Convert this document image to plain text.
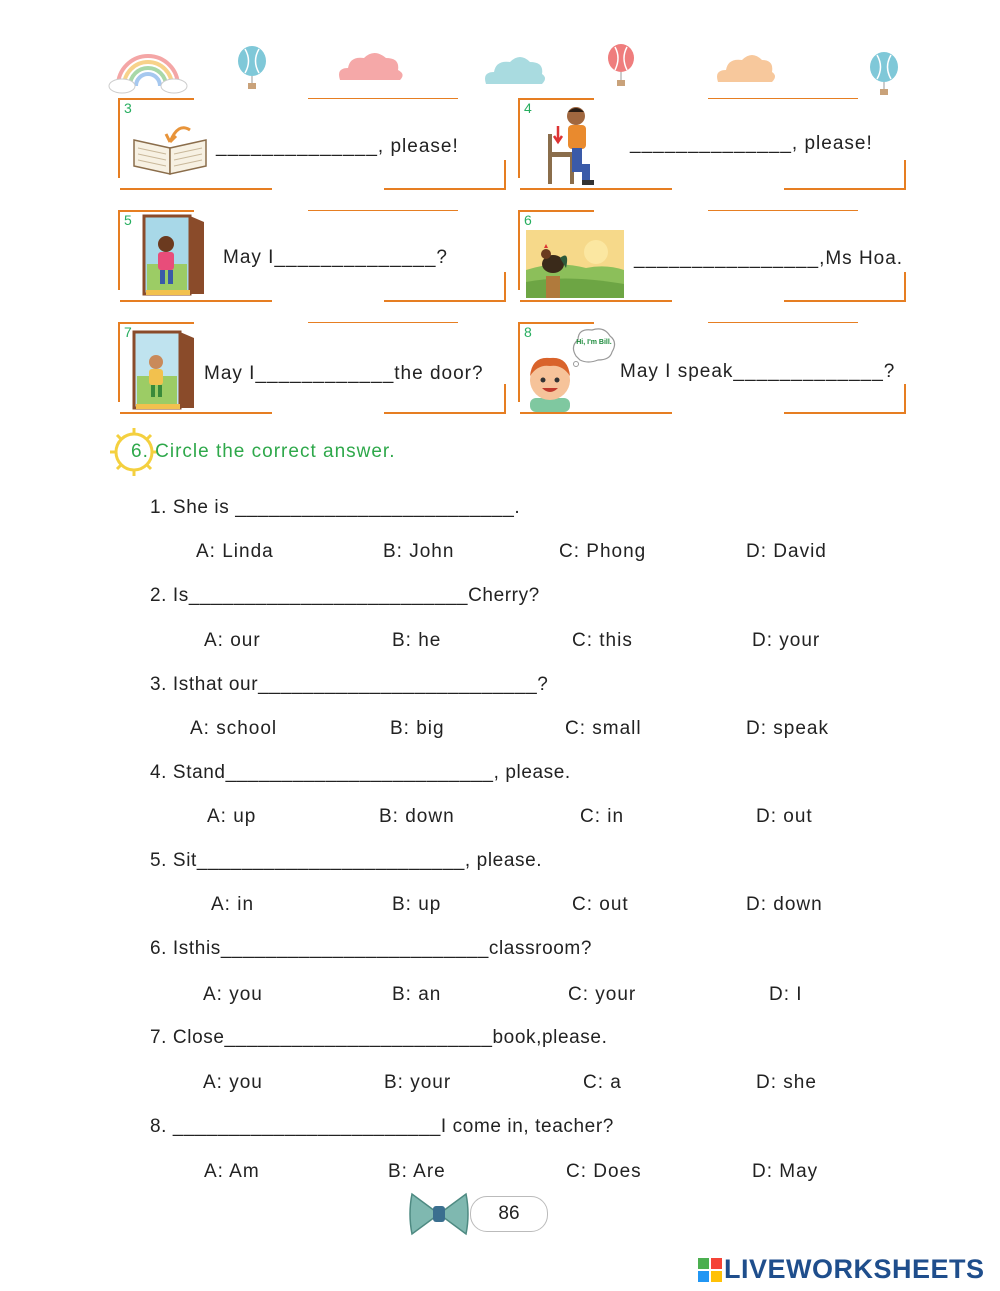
3
______________, please!
4
______________, please!
5
May I______________?
6
________________,Ms Hoa.
7
May I____________the door?
8
Hi, I'm Bill.
May I speak_____________?
6. Circle the correct answer.
1. She is _________________________.
A: Linda	B: John	C: Phong	D: David
2. Is_________________________Cherry?
A: our	B: he	C: this	D: your
3. Isthat our_________________________?
A: school	B: big	C: small	D: speak
4. Stand________________________, please.
A: up	B: down	C: in	D: out
5. Sit________________________, please.
A: in	B: up	C: out	D: down
6. Isthis________________________classroom?
A: you	B: an	C: your	D: I
7. Close________________________book,please.
A: you	B: your	C: a	D: she
8. ________________________I come in, teacher?
A: Am	B: Are	C: Does	D: May
86
LIVEWORKSHEETS
